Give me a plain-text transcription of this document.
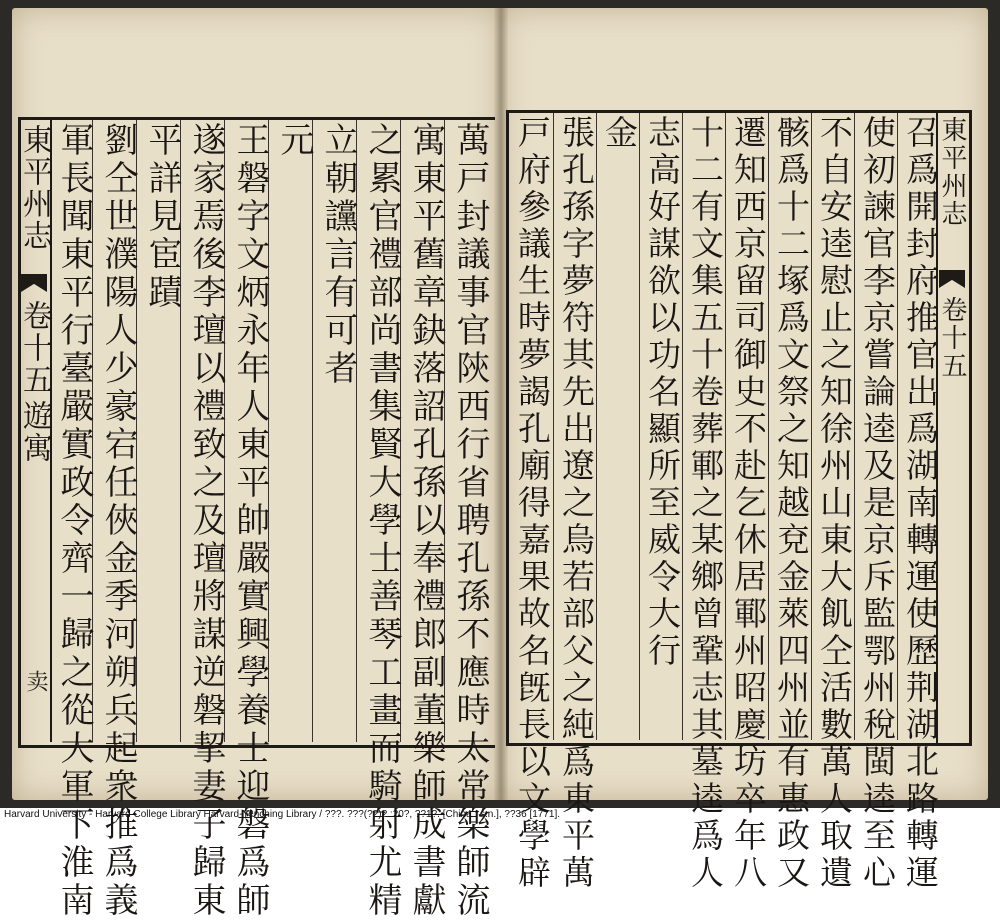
東平州志
卷十五
遊寓
卖	萬戸封議事官陝西行省聘孔孫不應時太常樂師流
寓東平舊章鈌落詔孔孫以奉禮郎副董樂師成書獻
之累官禮部尚書集賢大學士善琴工畫而騎射尤精
立朝讜言有可者
元
王磐字文炳永年人東平帥嚴實興學養士迎磐爲師
遂家焉後李璮以禮致之及璮將謀逆磐挈妻子歸東
平詳見宦蹟
劉仝世濮陽人少豪宕任俠金季河朔兵起衆推爲義
軍長聞東平行臺嚴實政令齊一歸之從大軍下淮南	東平州志
卷十五
召爲開封府推官出爲湖南轉運使歷荆湖北路轉運
使初諫官李京嘗論逵及是京斥監鄂州稅閩逵至心
不自安逵慰止之知徐州山東大飢仝活數萬人取遺
骸爲十二塚爲文祭之知越兗金萊四州並有惠政又
遷知西京留司御史不赴乞休居鄆州昭慶坊卒年八
十二有文集五十卷葬鄆之某鄉曾鞏志其墓逵爲人
志高好謀欲以功名顯所至威令大行
金
張孔孫字夢符其先出遼之烏若部父之純爲東平萬
戸府參議生時夢謁孔廟得嘉果故名旣長以文學辟
Harvard University - Harvard College Library Harvard-Yenching Library / ???. ???(??)? :20?, ??1?. [China : s.n.], ??36 [1771].
